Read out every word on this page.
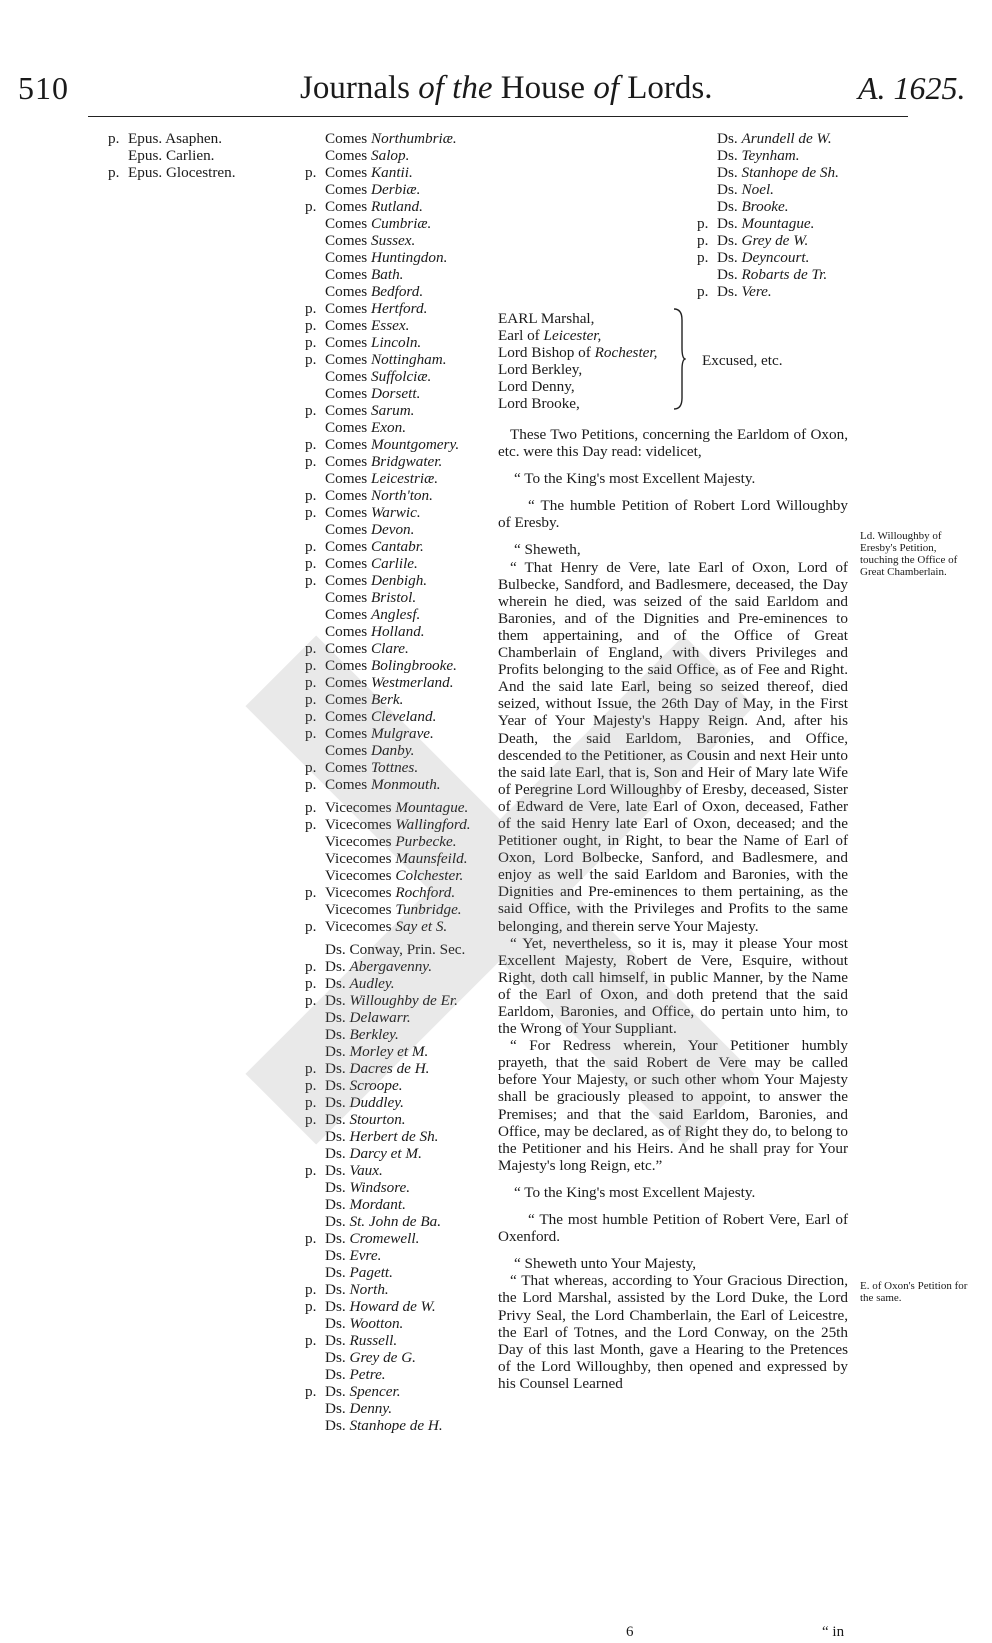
510	Journals of the House of Lords.	A. 1625.
p. Epus. Asaphen.
Epus. Carlien.
p. Epus. Glocestren.
Comes Northumbriæ.
Comes Salop.
p. Comes Kantii.
Comes Derbiæ.
p. Comes Rutland.
Comes Cumbriæ.
Comes Sussex.
Comes Huntingdon.
Comes Bath.
Comes Bedford.
p. Comes Hertford.
p. Comes Essex.
p. Comes Lincoln.
p. Comes Nottingham.
Comes Suffolciæ.
Comes Dorsett.
p. Comes Sarum.
Comes Exon.
p. Comes Mountgomery.
p. Comes Bridgwater.
Comes Leicestriæ.
p. Comes North'ton.
p. Comes Warwic.
Comes Devon.
p. Comes Cantabr.
p. Comes Carlile.
p. Comes Denbigh.
Comes Bristol.
Comes Anglesf.
Comes Holland.
p. Comes Clare.
p. Comes Bolingbrooke.
p. Comes Westmerland.
p. Comes Berk.
p. Comes Cleveland.
p. Comes Mulgrave.
Comes Danby.
p. Comes Tottnes.
p. Comes Monmouth.
p. Vicecomes Mountague.
p. Vicecomes Wallingford.
Vicecomes Purbecke.
Vicecomes Maunsfeild.
Vicecomes Colchester.
p. Vicecomes Rochford.
Vicecomes Tunbridge.
p. Vicecomes Say et S.
Ds. Conway, Prin. Sec.
p. Ds. Abergavenny.
p. Ds. Audley.
p. Ds. Willoughby de Er.
Ds. Delawarr.
Ds. Berkley.
Ds. Morley et M.
p. Ds. Dacres de H.
p. Ds. Scroope.
p. Ds. Duddley.
p. Ds. Stourton.
Ds. Herbert de Sh.
Ds. Darcy et M.
p. Ds. Vaux.
Ds. Windsore.
Ds. Mordant.
Ds. St. John de Ba.
p. Ds. Cromewell.
Ds. Evre.
Ds. Pagett.
p. Ds. North.
p. Ds. Howard de W.
Ds. Wootton.
p. Ds. Russell.
Ds. Grey de G.
Ds. Petre.
p. Ds. Spencer.
Ds. Denny.
Ds. Stanhope de H.
Ds. Arundell de W.
Ds. Teynham.
Ds. Stanhope de Sh.
Ds. Noel.
Ds. Brooke.
p. Ds. Mountague.
p. Ds. Grey de W.
p. Ds. Deyncourt.
Ds. Robarts de Tr.
p. Ds. Vere.
EARL Marshal,
Earl of Leicester,
Lord Bishop of Rochester,
Lord Berkley,
Lord Denny,
Lord Brooke,
Excused, etc.

These Two Petitions, concerning the Earldom of Oxon, etc. were this Day read: videlicet,

“ To the King's most Excellent Majesty.

“ The humble Petition of Robert Lord Willoughby of Eresby.

“ Sheweth,

“ That Henry de Vere, late Earl of Oxon, Lord of Bulbecke, Sandford, and Badlesmere, deceased, the Day wherein he died, was seized of the said Earldom and Baronies, and of the Dignities and Pre-eminences to them appertaining, and of the Office of Great Chamberlain of England, with divers Privileges and Profits belonging to the said Office, as of Fee and Right. And the said late Earl, being so seized thereof, died seized, without Issue, the 26th Day of May, in the First Year of Your Majesty's Happy Reign. And, after his Death, the said Earldom, Baronies, and Office, descended to the Petitioner, as Cousin and next Heir unto the said late Earl, that is, Son and Heir of Mary late Wife of Peregrine Lord Willoughby of Eresby, deceased, Sister of Edward de Vere, late Earl of Oxon, deceased, Father of the said Henry late Earl of Oxon, deceased; and the Petitioner ought, in Right, to bear the Name of Earl of Oxon, Lord Bolbecke, Sanford, and Badlesmere, and enjoy as well the said Earldom and Baronies, with the Dignities and Pre-eminences to them pertaining, as the said Office, with the Privileges and Profits to the same belonging, and therein serve Your Majesty.

“ Yet, nevertheless, so it is, may it please Your most Excellent Majesty, Robert de Vere, Esquire, without Right, doth call himself, in public Manner, by the Name of the Earl of Oxon, and doth pretend that the said Earldom, Baronies, and Office, do pertain unto him, to the Wrong of Your Suppliant.

“ For Redress wherein, Your Petitioner humbly prayeth, that the said Robert de Vere may be called before Your Majesty, or such other whom Your Majesty shall be graciously pleased to appoint, to answer the Premises; and that the said Earldom, Baronies, and Office, may be declared, as of Right they do, to belong to the Petitioner and his Heirs. And he shall pray for Your Majesty's long Reign, etc.”

“ To the King's most Excellent Majesty.

“ The most humble Petition of Robert Vere, Earl of Oxenford.

“ Sheweth unto Your Majesty,

“ That whereas, according to Your Gracious Direction, the Lord Marshal, assisted by the Lord Duke, the Lord Privy Seal, the Lord Chamberlain, the Earl of Leicestre, the Earl of Totnes, and the Lord Conway, on the 25th Day of this last Month, gave a Hearing to the Pretences of the Lord Willoughby, then opened and expressed by his Counsel Learned

Ld. Willoughby of Eresby's Petition, touching the Office of Great Chamberlain.
E. of Oxon's Petition for the same.
6	“ in
